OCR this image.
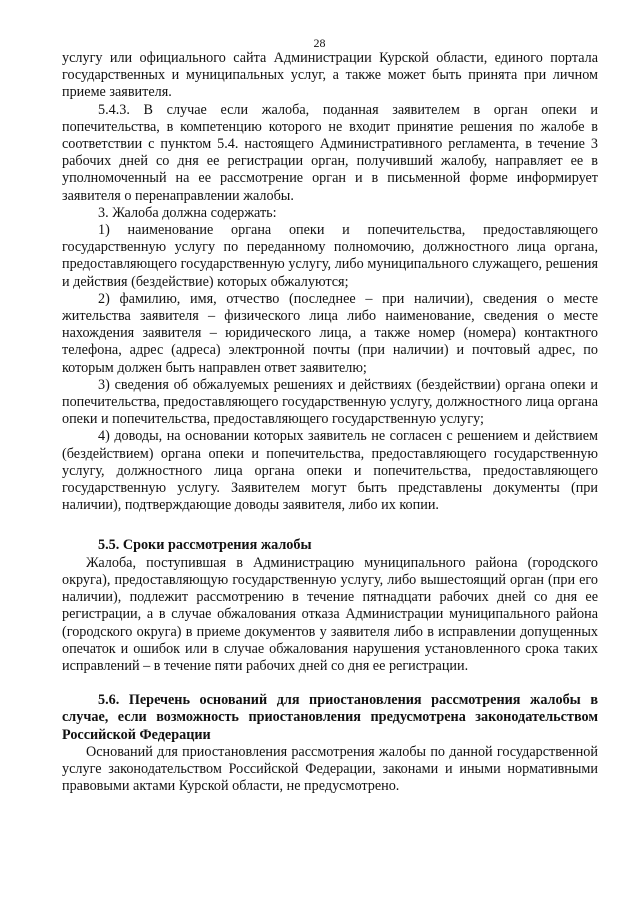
28

услугу или официального сайта Администрации Курской области, единого портала государственных и муниципальных услуг, а также может быть принята при личном приеме заявителя.

5.4.3. В случае если жалоба, поданная заявителем в орган опеки и попечительства, в компетенцию которого не входит принятие решения по жалобе в соответствии с пунктом 5.4. настоящего Административного регламента, в течение 3 рабочих дней со дня ее регистрации орган, получивший жалобу, направляет ее в уполномоченный на ее рассмотрение орган и в письменной форме информирует заявителя о перенаправлении жалобы.

3. Жалоба должна содержать:

1) наименование органа опеки и попечительства, предоставляющего государственную услугу по переданному полномочию, должностного лица органа, предоставляющего государственную услугу, либо муниципального служащего, решения и действия (бездействие) которых обжалуются;

2) фамилию, имя, отчество (последнее – при наличии), сведения о месте жительства заявителя – физического лица либо наименование, сведения о месте нахождения заявителя – юридического лица, а также номер (номера) контактного телефона, адрес (адреса) электронной почты (при наличии) и почтовый адрес, по которым должен быть направлен ответ заявителю;

3) сведения об обжалуемых решениях и действиях (бездействии) органа опеки и попечительства, предоставляющего государственную услугу, должностного лица органа опеки и попечительства, предоставляющего государственную услугу;

4) доводы, на основании которых заявитель не согласен с решением и действием (бездействием) органа опеки и попечительства, предоставляющего государственную услугу, должностного лица органа опеки и попечительства, предоставляющего государственную услугу. Заявителем могут быть представлены документы (при наличии), подтверждающие доводы заявителя, либо их копии.

5.5. Сроки рассмотрения жалобы

Жалоба, поступившая в Администрацию муниципального района (городского округа), предоставляющую государственную услугу, либо вышестоящий орган (при его наличии), подлежит рассмотрению в течение пятнадцати рабочих дней со дня ее регистрации, а в случае обжалования отказа Администрации муниципального района (городского округа) в приеме документов у заявителя либо в исправлении допущенных опечаток и ошибок или в случае обжалования нарушения установленного срока таких исправлений – в течение пяти рабочих дней со дня ее регистрации.

5.6. Перечень оснований для приостановления рассмотрения жалобы в случае, если возможность приостановления предусмотрена законодательством Российской Федерации

Оснований для приостановления рассмотрения жалобы по данной государственной услуге законодательством Российской Федерации, законами и иными нормативными правовыми актами Курской области, не предусмотрено.
